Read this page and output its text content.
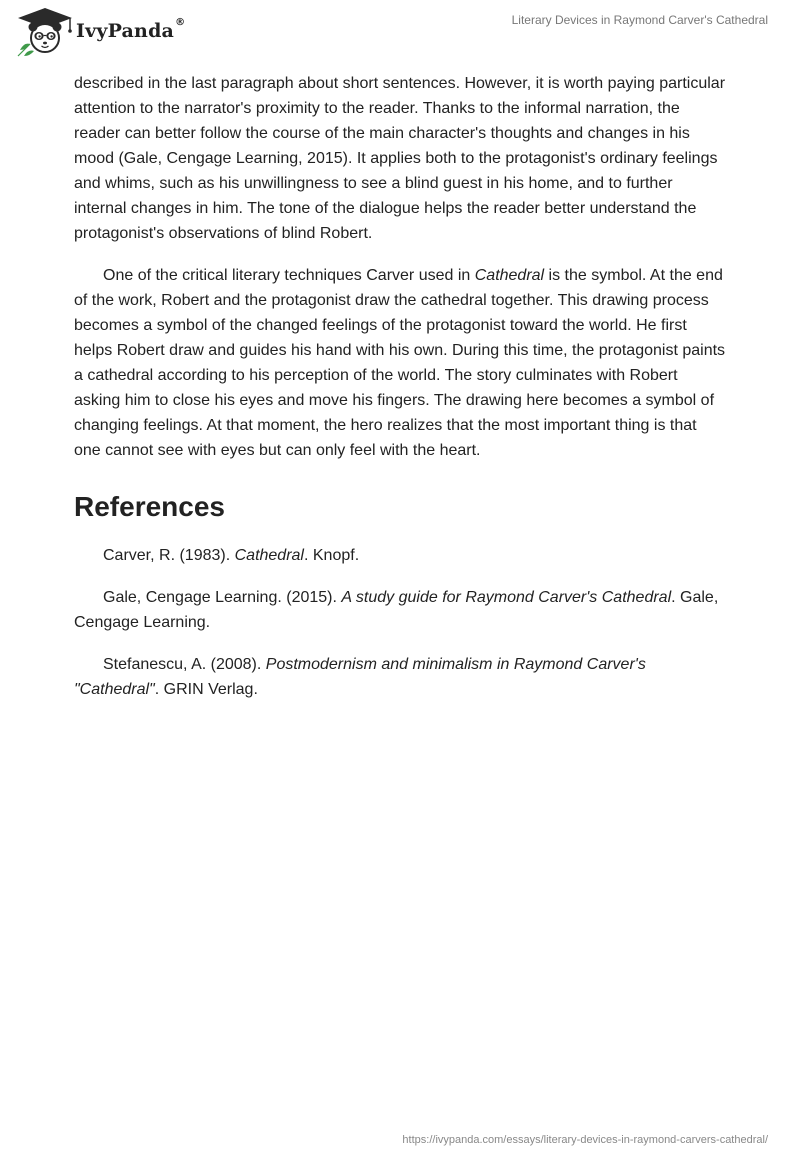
IvyPanda®	Literary Devices in Raymond Carver's Cathedral

described in the last paragraph about short sentences. However, it is worth paying particular attention to the narrator's proximity to the reader. Thanks to the informal narration, the reader can better follow the course of the main character's thoughts and changes in his mood (Gale, Cengage Learning, 2015). It applies both to the protagonist's ordinary feelings and whims, such as his unwillingness to see a blind guest in his home, and to further internal changes in him. The tone of the dialogue helps the reader better understand the protagonist's observations of blind Robert.

One of the critical literary techniques Carver used in Cathedral is the symbol. At the end of the work, Robert and the protagonist draw the cathedral together. This drawing process becomes a symbol of the changed feelings of the protagonist toward the world. He first helps Robert draw and guides his hand with his own. During this time, the protagonist paints a cathedral according to his perception of the world. The story culminates with Robert asking him to close his eyes and move his fingers. The drawing here becomes a symbol of changing feelings. At that moment, the hero realizes that the most important thing is that one cannot see with eyes but can only feel with the heart.

References

Carver, R. (1983). Cathedral. Knopf.

Gale, Cengage Learning. (2015). A study guide for Raymond Carver's Cathedral. Gale, Cengage Learning.

Stefanescu, A. (2008). Postmodernism and minimalism in Raymond Carver's "Cathedral". GRIN Verlag.

https://ivypanda.com/essays/literary-devices-in-raymond-carvers-cathedral/
